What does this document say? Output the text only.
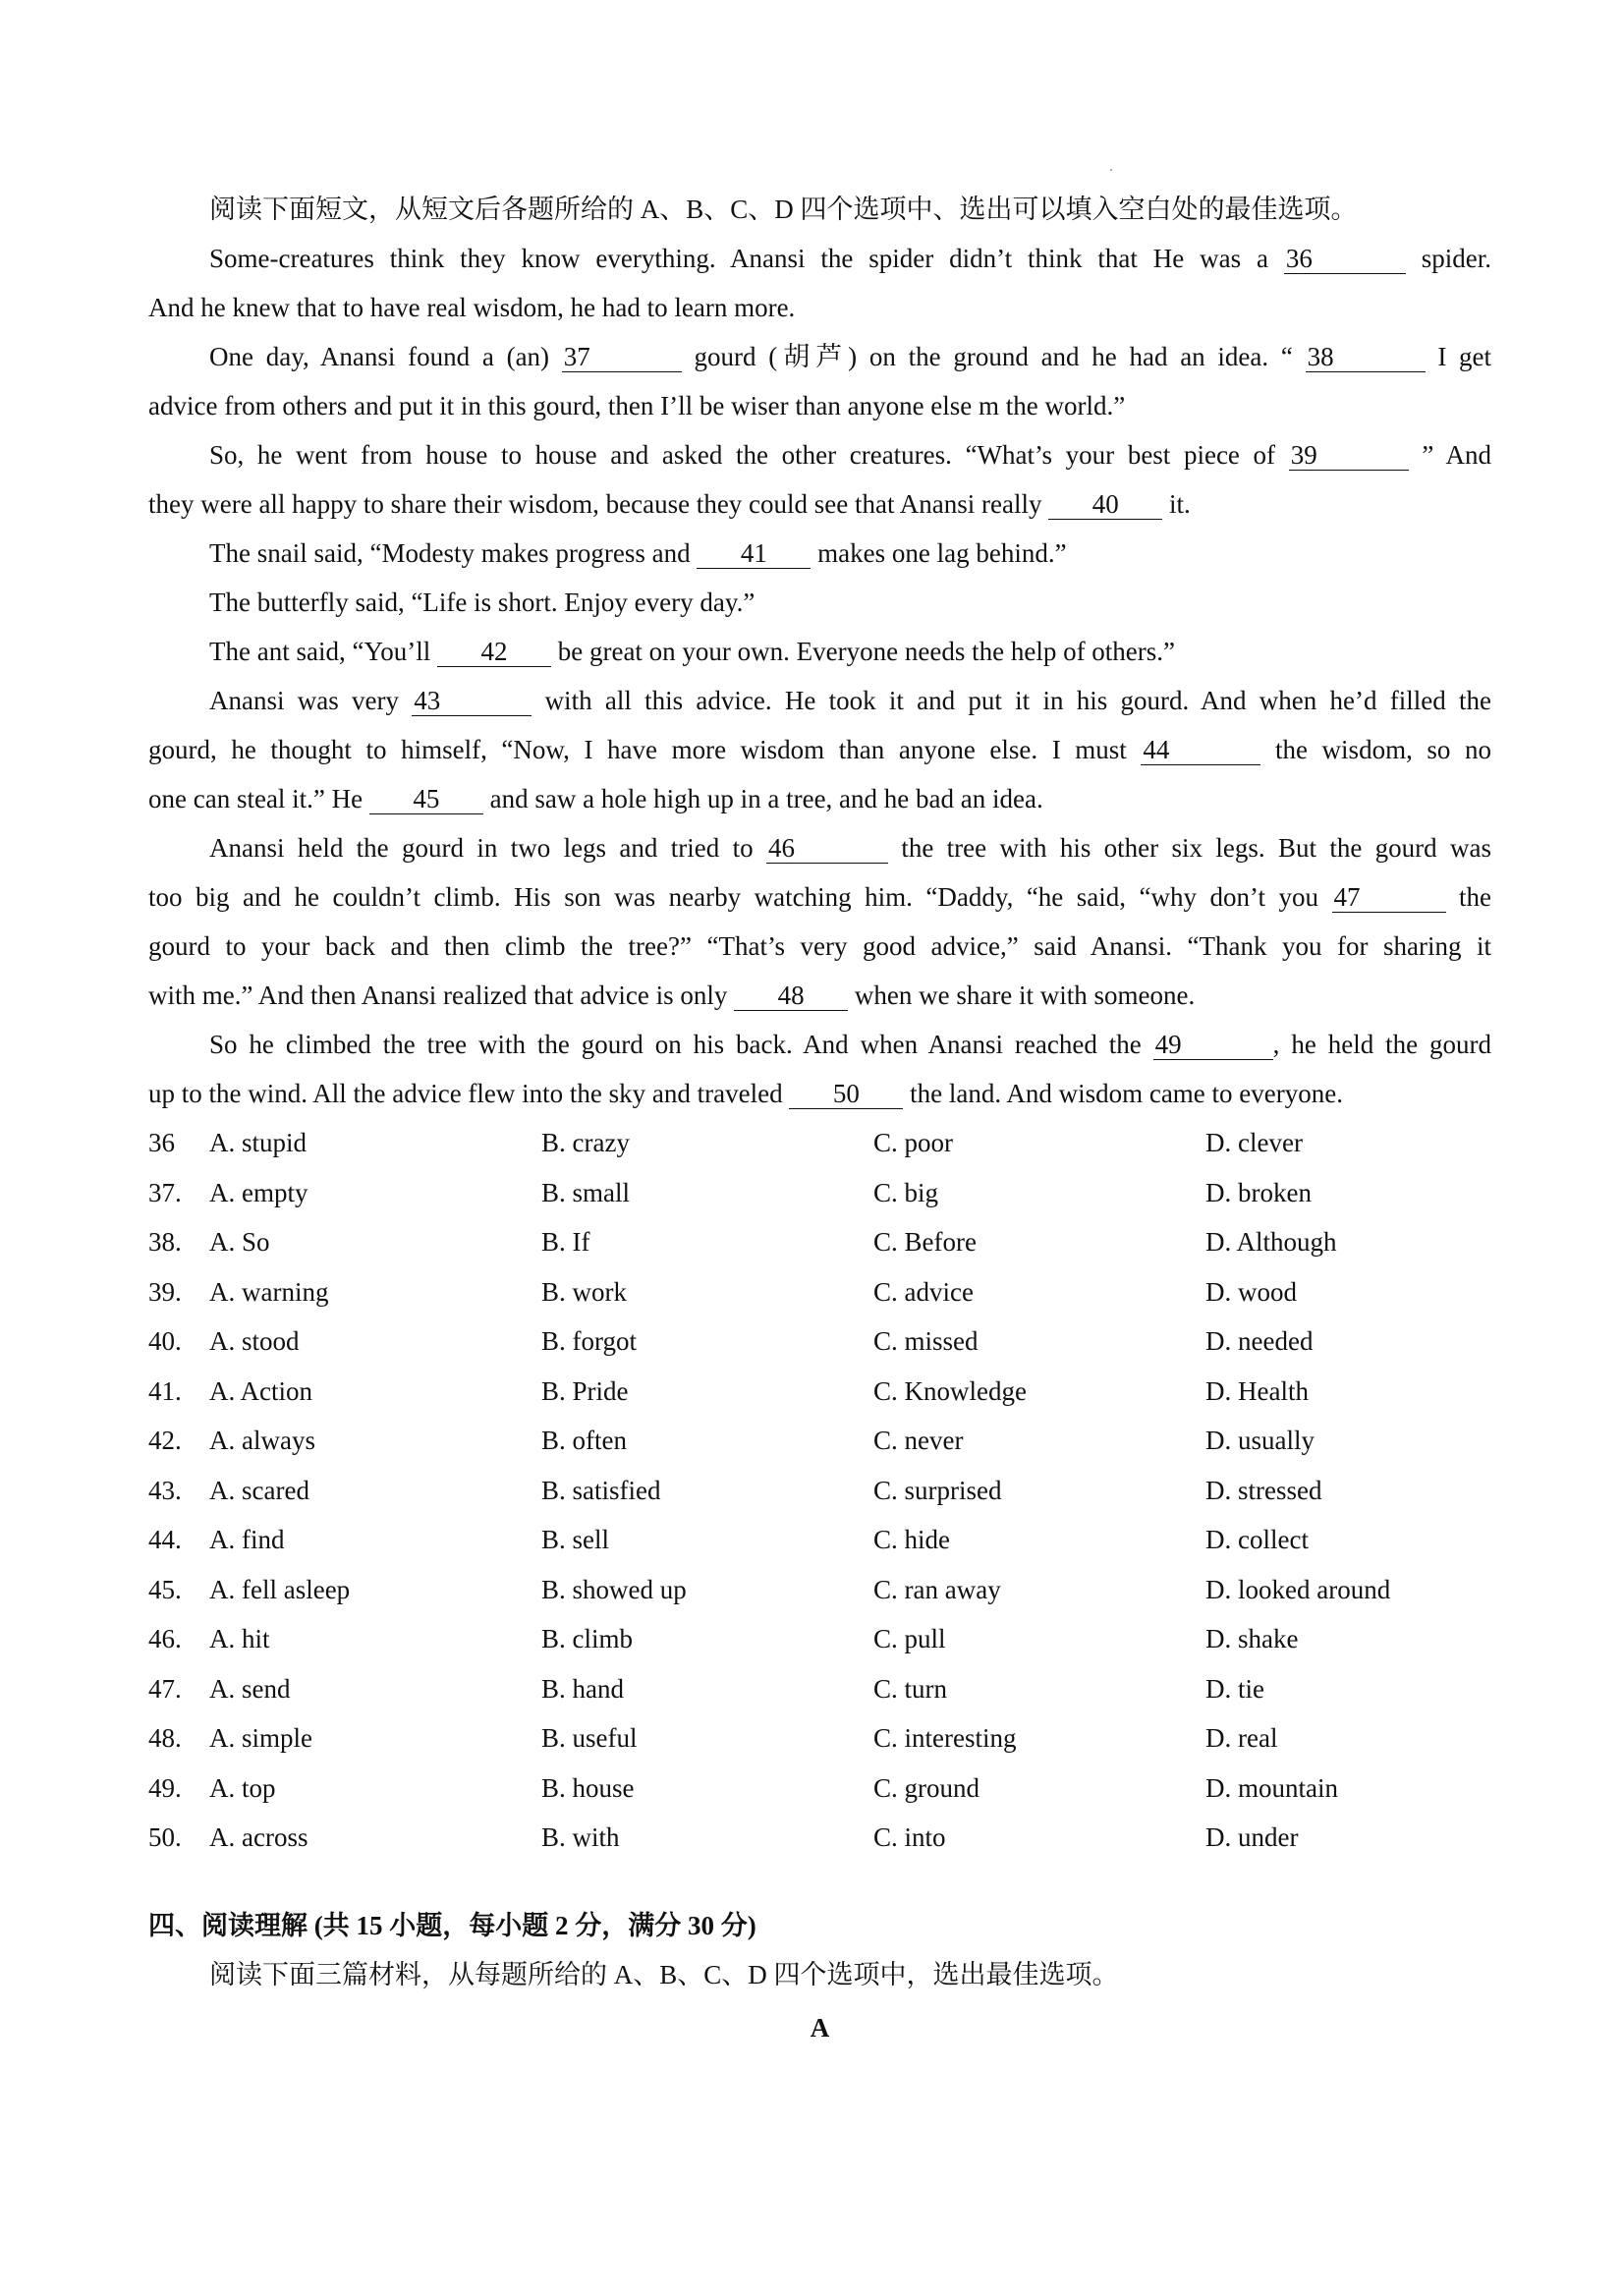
阅读下面短文，从短文后各题所给的 A、B、C、D 四个选项中、选出可以填入空白处的最佳选项。
Some-creatures think they know everything. Anansi the spider didn’t think that He was a 36	spider.
And he knew that to have real wisdom, he had to learn more.
One day, Anansi found a (an) 37	gourd (胡芦) on the ground and he had an idea. “ 38	I get
advice from others and put it in this gourd, then I’ll be wiser than anyone else m the world.”
So, he went from house to house and asked the other creatures. “What’s your best piece of 39	” And
they were all happy to share their wisdom, because they could see that Anansi really 40 it.
The snail said, “Modesty makes progress and 41 makes one lag behind.”
The butterfly said, “Life is short. Enjoy every day.”
The ant said, “You’ll 42 be great on your own. Everyone needs the help of others.”
Anansi was very 43	with all this advice. He took it and put it in his gourd. And when he’d filled the
gourd, he thought to himself, “Now, I have more wisdom than anyone else. I must 44	the wisdom, so no
one can steal it.” He 45 and saw a hole high up in a tree, and he bad an idea.
Anansi held the gourd in two legs and tried to 46	the tree with his other six legs. But the gourd was
too big and he couldn’t climb. His son was nearby watching him. “Daddy, “he said, “why don’t you 47	the
gourd to your back and then climb the tree?” “That’s very good advice,” said Anansi. “Thank you for sharing it
with me.” And then Anansi realized that advice is only 48 when we share it with someone.
So he climbed the tree with the gourd on his back. And when Anansi reached the 49	, he held the gourd
up to the wind. All the advice flew into the sky and traveled 50 the land. And wisdom came to everyone.
36	A. stupid	B. crazy	C. poor	D. clever
37.	A. empty	B. small	C. big	D. broken
38.	A. So	B. If	C. Before	D. Although
39.	A. warning	B. work	C. advice	D. wood
40.	A. stood	B. forgot	C. missed	D. needed
41.	A. Action	B. Pride	C. Knowledge	D. Health
42.	A. always	B. often	C. never	D. usually
43.	A. scared	B. satisfied	C. surprised	D. stressed
44.	A. find	B. sell	C. hide	D. collect
45.	A. fell asleep	B. showed up	C. ran away	D. looked around
46.	A. hit	B. climb	C. pull	D. shake
47.	A. send	B. hand	C. turn	D. tie
48.	A. simple	B. useful	C. interesting	D. real
49.	A. top	B. house	C. ground	D. mountain
50.	A. across	B. with	C. into	D. under
四、阅读理解 (共 15 小题，每小题 2 分，满分 30 分)
阅读下面三篇材料，从每题所给的 A、B、C、D 四个选项中，选出最佳选项。
A
